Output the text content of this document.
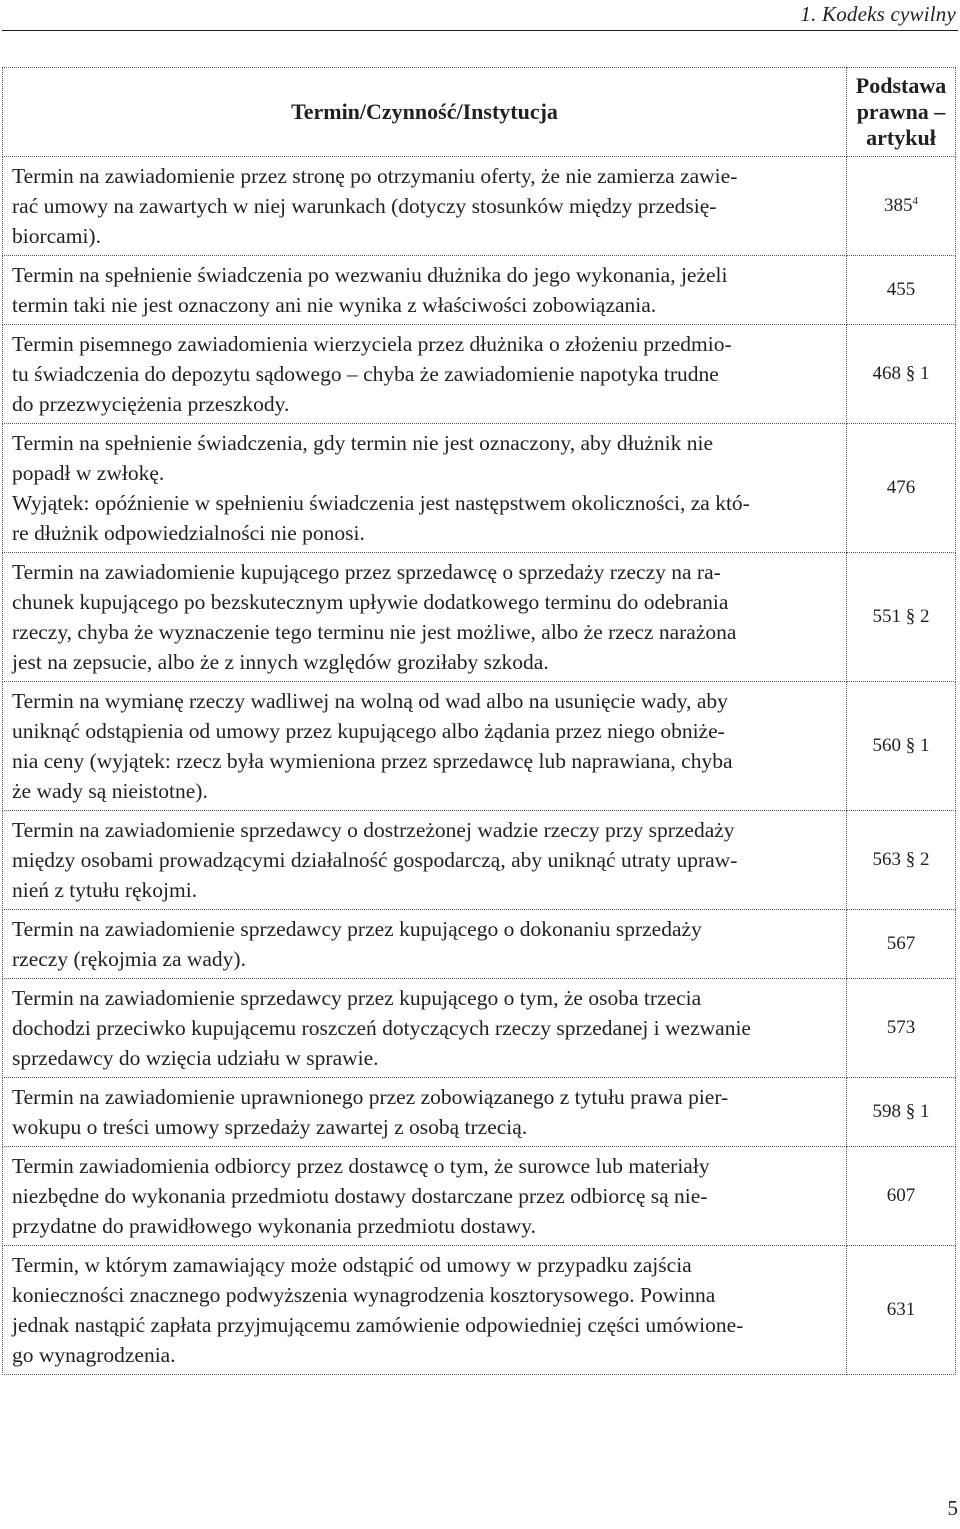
1. Kodeks cywilny
Termin/Czynność/Instytucja	Podstawa
prawna –
artykuł

Termin na zawiadomienie przez stronę po otrzymaniu oferty, że nie zamierza zawie-
rać umowy na zawartych w niej warunkach (dotyczy stosunków między przedsię-
biorcami).	$385^4$

Termin na spełnienie świadczenia po wezwaniu dłużnika do jego wykonania, jeżeli
termin taki nie jest oznaczony ani nie wynika z właściwości zobowiązania.	455

Termin pisemnego zawiadomienia wierzyciela przez dłużnika o złożeniu przedmio-
tu świadczenia do depozytu sądowego – chyba że zawiadomienie napotyka trudne
do przezwyciężenia przeszkody.	468 § 1

Termin na spełnienie świadczenia, gdy termin nie jest oznaczony, aby dłużnik nie
popadł w zwłokę.
Wyjątek: opóźnienie w spełnieniu świadczenia jest następstwem okoliczności, za któ-
re dłużnik odpowiedzialności nie ponosi.	476

Termin na zawiadomienie kupującego przez sprzedawcę o sprzedaży rzeczy na ra-
chunek kupującego po bezskutecznym upływie dodatkowego terminu do odebrania
rzeczy, chyba że wyznaczenie tego terminu nie jest możliwe, albo że rzecz narażona
jest na zepsucie, albo że z innych względów groziłaby szkoda.	551 § 2

Termin na wymianę rzeczy wadliwej na wolną od wad albo na usunięcie wady, aby
uniknąć odstąpienia od umowy przez kupującego albo żądania przez niego obniże-
nia ceny (wyjątek: rzecz była wymieniona przez sprzedawcę lub naprawiana, chyba
że wady są nieistotne).	560 § 1

Termin na zawiadomienie sprzedawcy o dostrzeżonej wadzie rzeczy przy sprzedaży
między osobami prowadzącymi działalność gospodarczą, aby uniknąć utraty upraw-
nień z tytułu rękojmi.	563 § 2

Termin na zawiadomienie sprzedawcy przez kupującego o dokonaniu sprzedaży
rzeczy (rękojmia za wady).	567

Termin na zawiadomienie sprzedawcy przez kupującego o tym, że osoba trzecia
dochodzi przeciwko kupującemu roszczeń dotyczących rzeczy sprzedanej i wezwanie
sprzedawcy do wzięcia udziału w sprawie.	573

Termin na zawiadomienie uprawnionego przez zobowiązanego z tytułu prawa pier-
wokupu o treści umowy sprzedaży zawartej z osobą trzecią.	598 § 1

Termin zawiadomienia odbiorcy przez dostawcę o tym, że surowce lub materiały
niezbędne do wykonania przedmiotu dostawy dostarczane przez odbiorcę są nie-
przydatne do prawidłowego wykonania przedmiotu dostawy.	607

Termin, w którym zamawiający może odstąpić od umowy w przypadku zajścia
konieczności znacznego podwyższenia wynagrodzenia kosztorysowego. Powinna
jednak nastąpić zapłata przyjmującemu zamówienie odpowiedniej części umówione-
go wynagrodzenia.	631
5
